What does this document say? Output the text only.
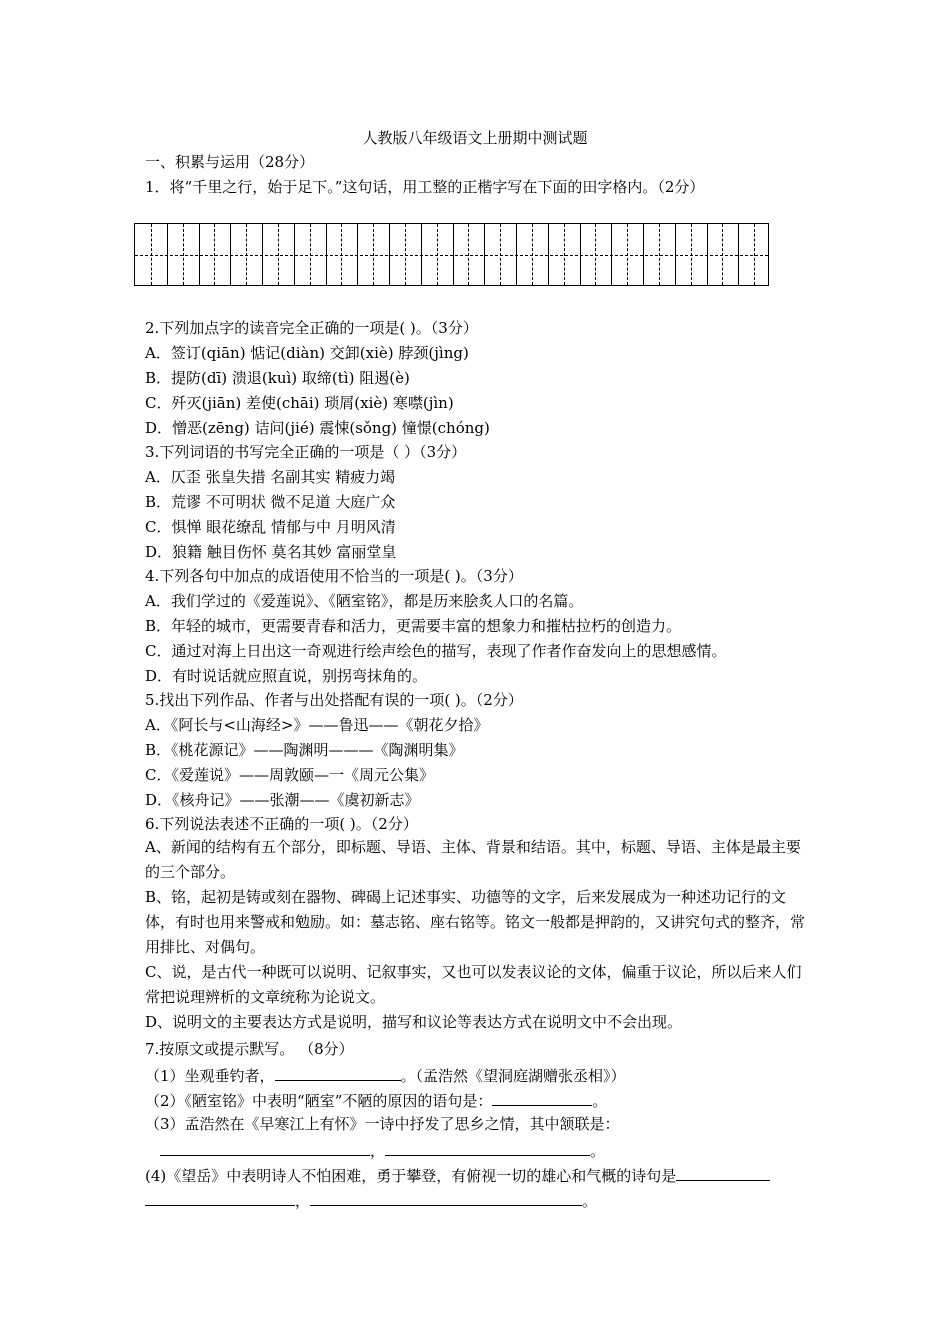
人教版八年级语文上册期中测试题
一、积累与运用（28分）
1．将“千里之行，始于足下。”这句话，用工整的正楷字写在下面的田字格内。（2分）
2.下列加点字的读音完全正确的一项是( )。（3分）
A．签订(qiān) 惦记(diàn) 交卸(xiè) 脖颈(jìng)
B．提防(dī) 溃退(kuì) 取缔(tì) 阻遏(è)
C．歼灭(jiān) 差使(chāi) 琐屑(xiè) 寒噤(jìn)
D．憎恶(zēng) 诘问(jié) 震悚(sǒng) 憧憬(chóng)
3.下列词语的书写完全正确的一项是（ ）（3分）
A．仄歪 张皇失措 名副其实 精疲力竭
B．荒谬 不可明状 微不足道 大庭广众
C．惧惮 眼花缭乱 情郁与中 月明风清
D．狼籍 触目伤怀 莫名其妙 富丽堂皇
4.下列各句中加点的成语使用不恰当的一项是( )。（3分）
A．我们学过的《爱莲说》、《陋室铭》，都是历来脍炙人口的名篇。
B．年轻的城市，更需要青春和活力，更需要丰富的想象力和摧枯拉朽的创造力。
C．通过对海上日出这一奇观进行绘声绘色的描写，表现了作者作奋发向上的思想感情。
D．有时说话就应照直说，别拐弯抹角的。
5.找出下列作品、作者与出处搭配有误的一项( )。（2分）
A．《阿长与<山海经>》——鲁迅——《朝花夕拾》
B．《桃花源记》——陶渊明———《陶渊明集》
C．《爱莲说》——周敦颐—一《周元公集》
D．《核舟记》——张潮——《虞初新志》
6.下列说法表述不正确的一项( )。（2分）
A、新闻的结构有五个部分，即标题、导语、主体、背景和结语。其中，标题、导语、主体是最主要的三个部分。
B、铭，起初是铸或刻在器物、碑碣上记述事实、功德等的文字，后来发展成为一种述功记行的文体，有时也用来警戒和勉励。如：墓志铭、座右铭等。铭文一般都是押韵的，又讲究句式的整齐，常用排比、对偶句。
C、说，是古代一种既可以说明、记叙事实，又也可以发表议论的文体，偏重于议论，所以后来人们常把说理辨析的文章统称为论说文。
D、说明文的主要表达方式是说明，描写和议论等表达方式在说明文中不会出现。
7.按原文或提示默写。 （8分）
（1）坐观垂钓者，	。（孟浩然《望洞庭湖赠张丞相》）
（2）《陋室铭》中表明“陋室”不陋的原因的语句是：	。
（3）孟浩然在《早寒江上有怀》一诗中抒发了思乡之情，其中颔联是：
，	。
(4)《望岳》中表明诗人不怕困难，勇于攀登，有俯视一切的雄心和气概的诗句是
，	。
